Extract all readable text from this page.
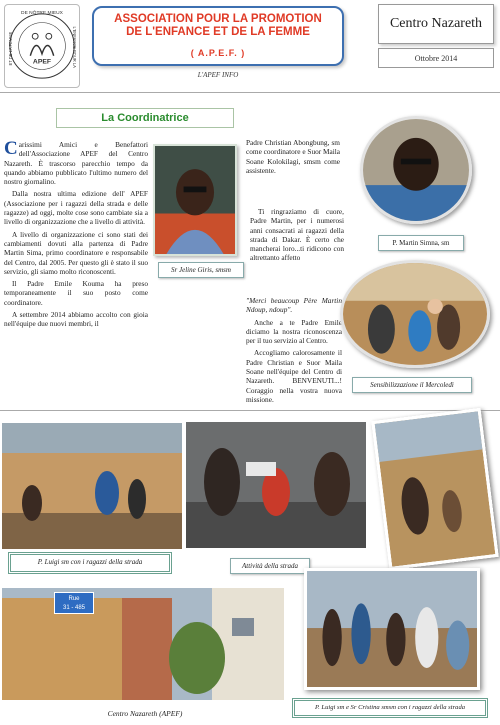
DE NÔTRE MIEUX
APEF
ET DE LA FEMME	L'ENFANCE POUR LA
ASSOCIATION POUR LA PROMOTION
DE L'ENFANCE ET DE LA FEMME
( A.P.E.F. )
L'APEF INFO
Centro Nazareth
Ottobre 2014
La Coordinatrice

Carissimi Amici e Benefattori dell'Associazione APEF del Centro Nazareth. È trascorso parecchio tempo da quando abbiamo pubblicato l'ultimo numero del nostro giornalino.

Dalla nostra ultima edizione dell' APEF (Associazione per i ragazzi della strada e delle ragazze) ad oggi, molte cose sono cambiate sia a livello di organizzazione che a livello di attività.

A livello di organizzazione ci sono stati dei cambiamenti dovuti alla partenza di Padre Martin Sima, primo coordinatore e responsabile del Centro, dal 2005. Per questo gli è stato il suo servizio, gli siamo molto riconoscenti.

Il Padre Emile Kouma ha preso temporaneamente il suo posto come coordinatore.

A settembre 2014 abbiamo accolto con gioia nell'équipe due nuovi membri, il

Sr Jeline Giris, smsm

Padre Christian Abongbung, sm come coordinatore e Suor Maila Soane Kolokilagi, smsm come assistente.

Ti ringraziamo di cuore, Padre Martin, per i numerosi anni consacrati ai ragazzi della strada di Dakar. È certo che mancherai loro...ti ridicono con altrettanto affetto

"Merci beaucoup Père Martin Ndoup, ndoup".

Anche a te Padre Emile diciamo la nostra riconoscenza per il tuo servizio al Centro.

Accogliamo calorosamente il Padre Christian e Suor Maila Soane nell'équipe del Centro di Nazareth. BENVENUTI...! Coraggio nella vostra nuova missione.

P. Martin Simna, sm
Sensibilizzazione il Mercoledì
P. Luigi sm con i ragazzi della strada	Attività della strada
Rue
31 - 485
Centro Nazareth (APEF)
P. Luigi sm e Sr Cristina smsm con i ragazzi della strada
